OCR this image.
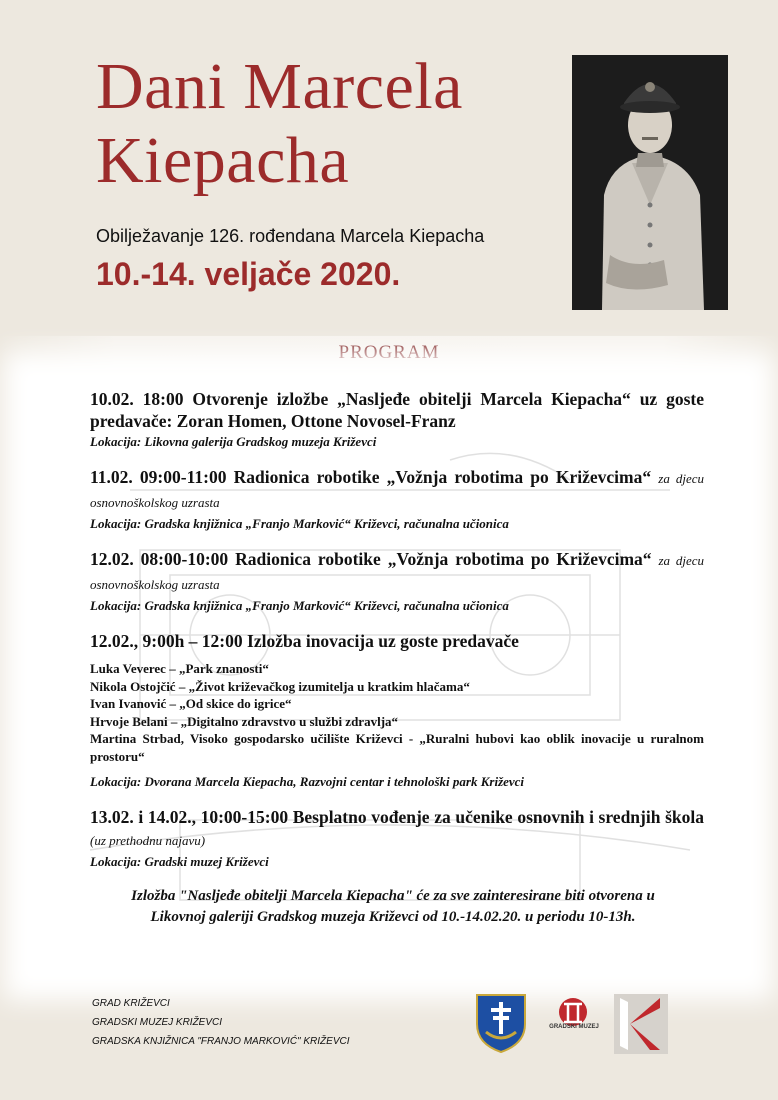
Dani Marcela
Kiepacha
Obilježavanje 126. rođendana Marcela Kiepacha
10.-14. veljače 2020.
PROGRAM

10.02. 18:00 Otvorenje izložbe „Nasljeđe obitelji Marcela Kiepacha“ uz goste predavače: Zoran Homen, Ottone Novosel-Franz

Lokacija: Likovna galerija Gradskog muzeja Križevci

11.02. 09:00-11:00 Radionica robotike „Vožnja robotima po Križevcima“ za djecu osnovnoškolskog uzrasta

Lokacija: Gradska knjižnica „Franjo Marković“ Križevci, računalna učionica

12.02. 08:00-10:00 Radionica robotike „Vožnja robotima po Križevcima“ za djecu osnovnoškolskog uzrasta

Lokacija: Gradska knjižnica „Franjo Marković“ Križevci, računalna učionica

12.02., 9:00h – 12:00 Izložba inovacija uz goste predavače

Luka Veverec – „Park znanosti“
Nikola Ostojčić – „Život križevačkog izumitelja u kratkim hlačama“
Ivan Ivanović – „Od skice do igrice“
Hrvoje Belani – „Digitalno zdravstvo u službi zdravlja“
Martina Strbad, Visoko gospodarsko učilište Križevci - „Ruralni hubovi kao oblik inovacije u ruralnom prostoru“

Lokacija: Dvorana Marcela Kiepacha, Razvojni centar i tehnološki park Križevci

13.02. i 14.02., 10:00-15:00 Besplatno vođenje za učenike osnovnih i srednjih škola (uz prethodnu najavu)

Lokacija: Gradski muzej Križevci

Izložba "Nasljeđe obitelji Marcela Kiepacha" će za sve zainteresirane biti otvorena u Likovnoj galeriji Gradskog muzeja Križevci od 10.-14.02.20. u periodu 10-13h.
GRAD KRIŽEVCI
GRADSKI MUZEJ KRIŽEVCI
GRADSKA KNJIŽNICA "FRANJO MARKOVIĆ" KRIŽEVCI
GRADSKI MUZEJ
